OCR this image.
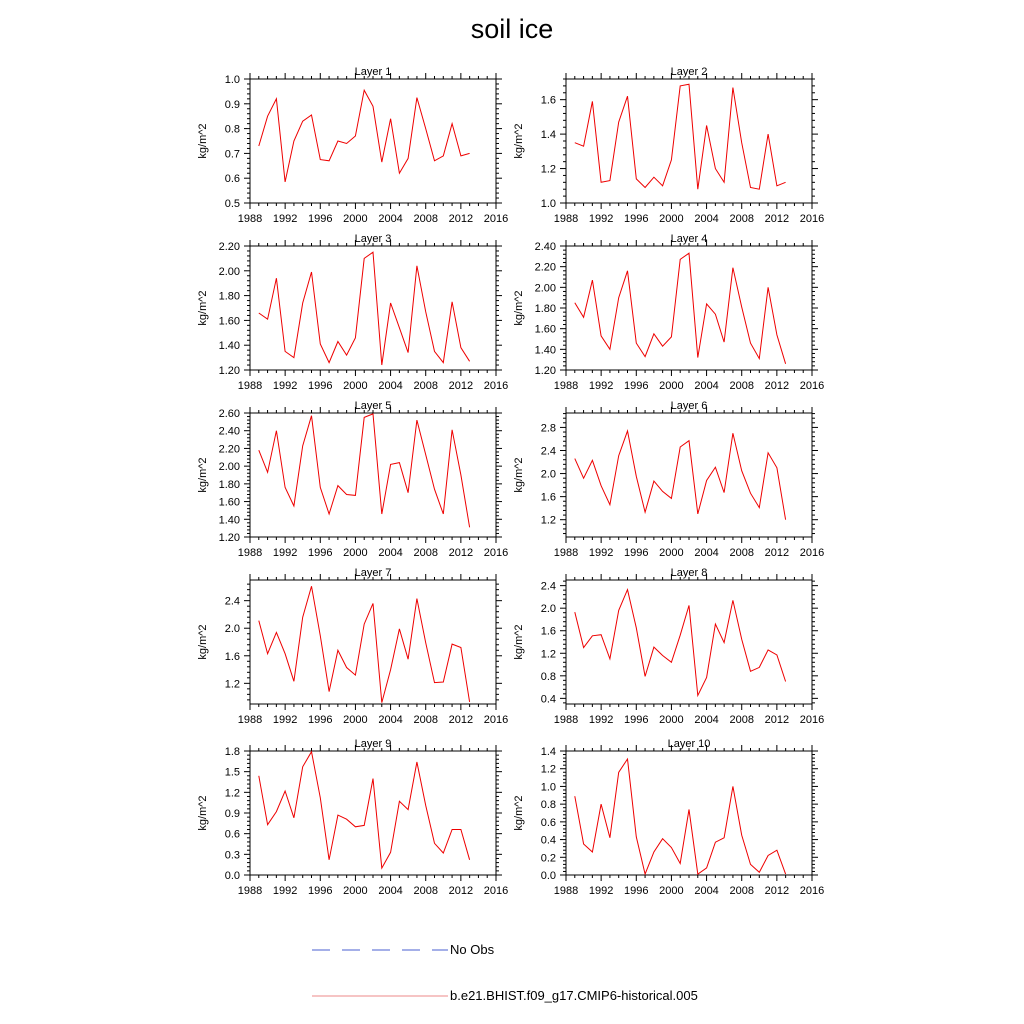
soil ice
Layer 1
1988 1992 1996 2000 2004 2008 2012 2016
0.5
0.6
0.7
0.8
0.9
1.0
kg/m^2
Layer 2
1988 1992 1996 2000 2004 2008 2012 2016
1.0
1.2
1.4
1.6
kg/m^2
Layer 3
1988 1992 1996 2000 2004 2008 2012 2016
1.20
1.40
1.60
1.80
2.00
2.20
kg/m^2
Layer 4
1988 1992 1996 2000 2004 2008 2012 2016
1.20
1.40
1.60
1.80
2.00
2.20
2.40
kg/m^2
Layer 5
1988 1992 1996 2000 2004 2008 2012 2016
1.20
1.40
1.60
1.80
2.00
2.20
2.40
2.60
kg/m^2
Layer 6
1988 1992 1996 2000 2004 2008 2012 2016
1.2
1.6
2.0
2.4
2.8
kg/m^2
Layer 7
1988 1992 1996 2000 2004 2008 2012 2016
1.2
1.6
2.0
2.4
kg/m^2
Layer 8
1988 1992 1996 2000 2004 2008 2012 2016
0.4
0.8
1.2
1.6
2.0
2.4
kg/m^2
Layer 9
1988 1992 1996 2000 2004 2008 2012 2016
0.0
0.3
0.6
0.9
1.2
1.5
1.8
kg/m^2
Layer 10
1988 1992 1996 2000 2004 2008 2012 2016
0.0
0.2
0.4
0.6
0.8
1.0
1.2
1.4
kg/m^2
No Obs
b.e21.BHIST.f09_g17.CMIP6-historical.005
